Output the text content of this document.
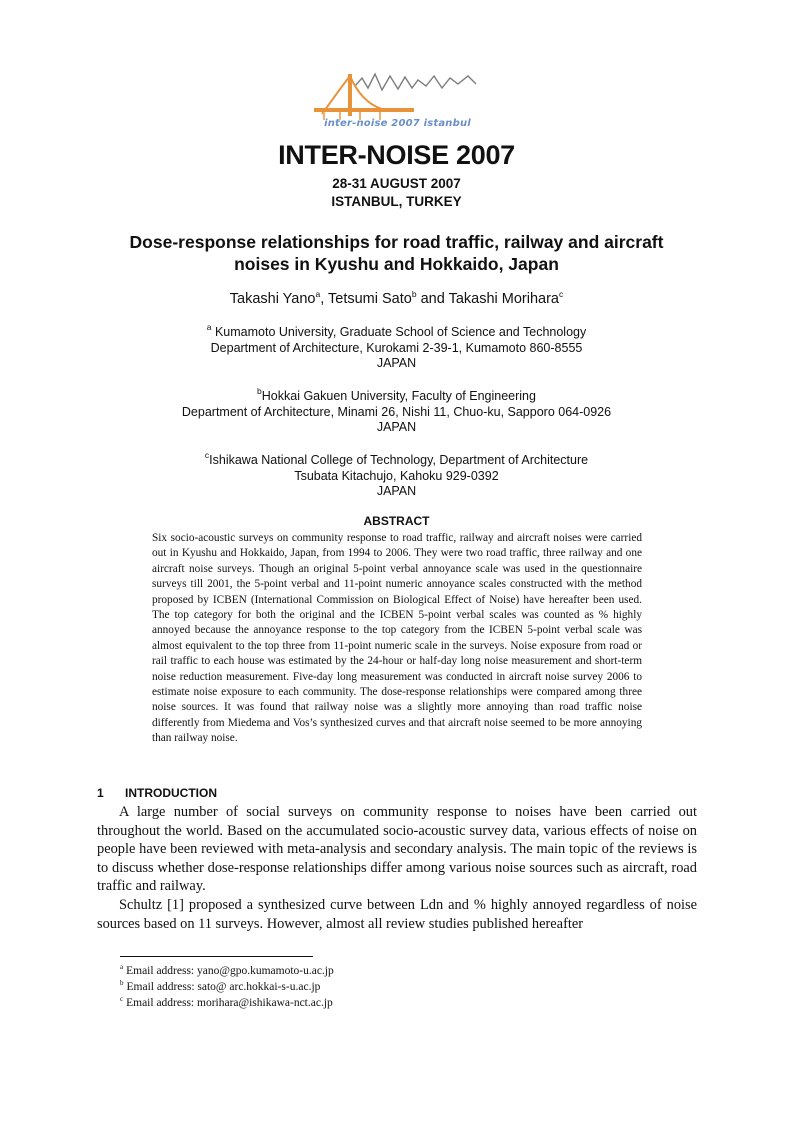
inter-noise 2007 istanbul
INTER-NOISE 2007
28-31 AUGUST 2007
ISTANBUL, TURKEY
Dose-response relationships for road traffic, railway and aircraft
noises in Kyushu and Hokkaido, Japan
Takashi Yano$^a$, Tetsumi Sato$^b$ and Takashi Morihara$^c$
$^a$ Kumamoto University, Graduate School of Science and Technology
Department of Architecture, Kurokami 2-39-1, Kumamoto 860-8555
JAPAN
$^b$Hokkai Gakuen University, Faculty of Engineering
Department of Architecture, Minami 26, Nishi 11, Chuo-ku, Sapporo 064-0926
JAPAN
$^c$Ishikawa National College of Technology, Department of Architecture
Tsubata Kitachujo, Kahoku 929-0392
JAPAN
ABSTRACT
Six socio-acoustic surveys on community response to road traffic, railway and aircraft noises were carried out in Kyushu and Hokkaido, Japan, from 1994 to 2006. They were two road traffic, three railway and one aircraft noise surveys. Though an original 5-point verbal annoyance scale was used in the questionnaire surveys till 2001, the 5-point verbal and 11-point numeric annoyance scales constructed with the method proposed by ICBEN (International Commission on Biological Effect of Noise) have hereafter been used. The top category for both the original and the ICBEN 5-point verbal scales was counted as % highly annoyed because the annoyance response to the top category from the ICBEN 5-point verbal scale was almost equivalent to the top three from 11-point numeric scale in the surveys. Noise exposure from road or rail traffic to each house was estimated by the 24-hour or half-day long noise measurement and short-term noise reduction measurement. Five-day long measurement was conducted in aircraft noise survey 2006 to estimate noise exposure to each community. The dose-response relationships were compared among three noise sources. It was found that railway noise was a slightly more annoying than road traffic noise differently from Miedema and Vos’s synthesized curves and that aircraft noise seemed to be more annoying than railway noise.
1 INTRODUCTION

A large number of social surveys on community response to noises have been carried out throughout the world. Based on the accumulated socio-acoustic survey data, various effects of noise on people have been reviewed with meta-analysis and secondary analysis. The main topic of the reviews is to discuss whether dose-response relationships differ among various noise sources such as aircraft, road traffic and railway.

Schultz [1] proposed a synthesized curve between Ldn and % highly annoyed regardless of noise sources based on 11 surveys. However, almost all review studies published hereafter

$^a$ Email address: yano@gpo.kumamoto-u.ac.jp
$^b$ Email address: sato@ arc.hokkai-s-u.ac.jp
$^c$ Email address: morihara@ishikawa-nct.ac.jp
